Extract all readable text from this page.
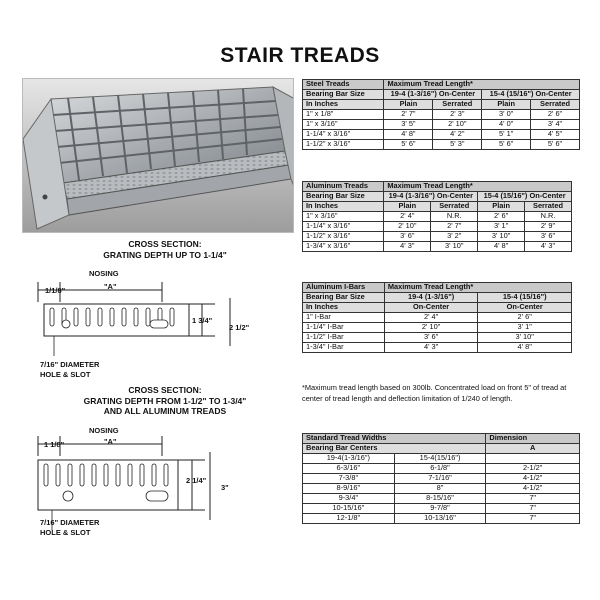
STAIR TREADS
Steel Treads	Maximum Tread Length*			
Bearing Bar Size	19-4 (1-3/16") On-Center		15-4 (15/16") On-Center	
In Inches	Plain	Serrated	Plain	Serrated
1" x 1/8"	2' 7"	2' 3"	3' 0"	2' 6"
1" x 3/16"	3' 5"	2' 10"	4' 0"	3' 4"
1-1/4" x 3/16"	4' 8"	4' 2"	5' 1"	4' 5"
1-1/2" x 3/16"	5' 6"	5' 3"	5' 6"	5' 6"
Aluminum Treads	Maximum Tread Length*			
Bearing Bar Size	19-4 (1-3/16") On-Center		15-4 (15/16") On-Center	
In Inches	Plain	Serrated	Plain	Serrated
1" x 3/16"	2' 4"	N.R.	2' 6"	N.R.
1-1/4" x 3/16"	2' 10"	2' 7"	3' 1"	2' 9"
1-1/2" x 3/16"	3' 6"	3' 2"	3' 10"	3' 6"
1-3/4" x 3/16"	4' 3"	3' 10"	4' 8"	4' 3"
Aluminum I-Bars	Maximum Tread Length*	
Bearing Bar Size	19-4 (1-3/16")	15-4 (15/16")
In Inches	On-Center	On-Center
1" I-Bar	2' 4"	2' 6"
1-1/4" I-Bar	2' 10"	3' 1"
1-1/2" I-Bar	3' 6"	3' 10"
1-3/4" I-Bar	4' 3"	4' 8"
*Maximum tread length based on 300lb. Concentrated load on front 5" of tread at center of tread length and deflection limitation of 1/240 of length.
Standard Tread Widths		Dimension
Bearing Bar Centers		A
19-4(1-3/16")	15-4(15/16")	
6-3/16"	6-1/8"	2-1/2"
7-3/8"	7-1/16"	4-1/2"
8-9/16"	8"	4-1/2"
9-3/4"	8-15/16"	7"
10-15/16"	9-7/8"	7"
12-1/8"	10-13/16"	7"
CROSS SECTION:
GRATING DEPTH UP TO 1-1/4"
NOSING
1/1/8"	"A"
1 3/4"
2 1/2"
7/16" DIAMETER
HOLE & SLOT
CROSS SECTION:
GRATING DEPTH FROM 1-1/2" TO 1-3/4"
AND ALL ALUMINUM TREADS
NOSING
1 1/8"	"A"
2 1/4"
3"
7/16" DIAMETER
HOLE & SLOT
